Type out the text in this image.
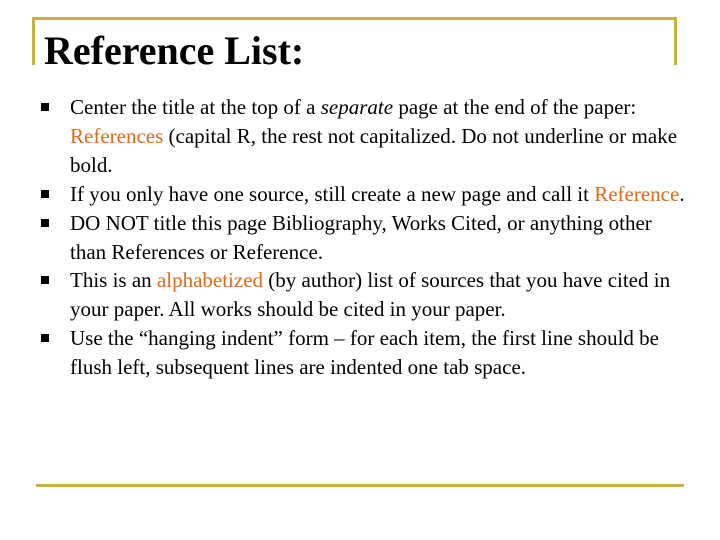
Reference List:
Center the title at the top of a separate page at the end of the paper: References (capital R, the rest not capitalized. Do not underline or make bold.
If you only have one source, still create a new page and call it Reference.
DO NOT title this page Bibliography, Works Cited, or anything other than References or Reference.
This is an alphabetized (by author) list of sources that you have cited in your paper. All works should be cited in your paper.
Use the “hanging indent” form – for each item, the first line should be flush left, subsequent lines are indented one tab space.
